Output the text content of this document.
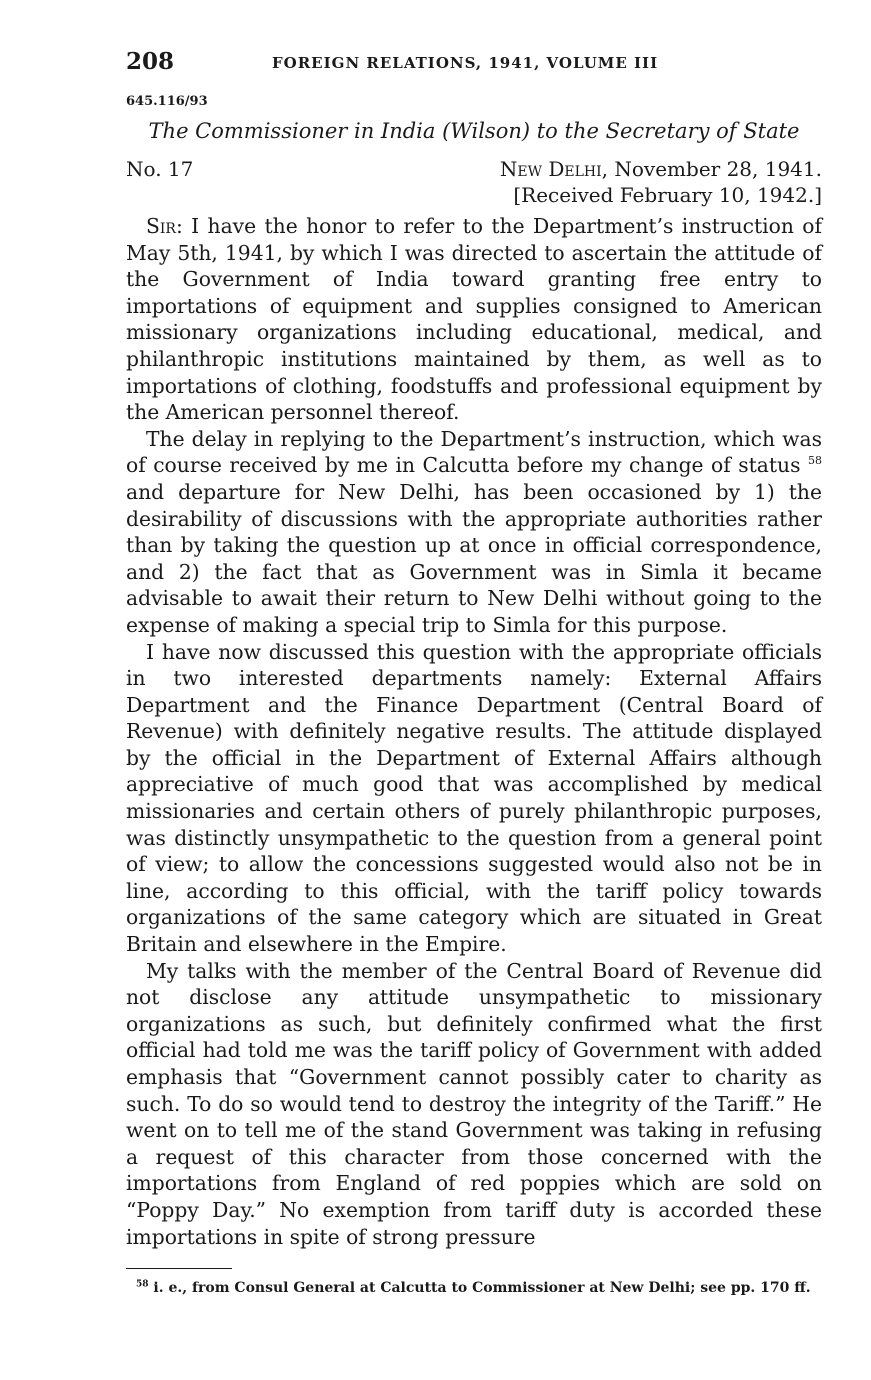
208	FOREIGN RELATIONS, 1941, VOLUME III
645.116/93
The Commissioner in India (Wilson) to the Secretary of State
No. 17	New Delhi, November 28, 1941.
[Received February 10, 1942.]

Sir: I have the honor to refer to the Department’s instruction of May 5th, 1941, by which I was directed to ascertain the attitude of the Government of India toward granting free entry to importations of equipment and supplies consigned to American missionary organizations including educational, medical, and philanthropic institutions maintained by them, as well as to importations of clothing, foodstuffs and professional equipment by the American personnel thereof.

The delay in replying to the Department’s instruction, which was of course received by me in Calcutta before my change of status $^{58}$ and departure for New Delhi, has been occasioned by 1) the desirability of discussions with the appropriate authorities rather than by taking the question up at once in official correspondence, and 2) the fact that as Government was in Simla it became advisable to await their return to New Delhi without going to the expense of making a special trip to Simla for this purpose.

I have now discussed this question with the appropriate officials in two interested departments namely: External Affairs Department and the Finance Department (Central Board of Revenue) with definitely negative results. The attitude displayed by the official in the Department of External Affairs although appreciative of much good that was accomplished by medical missionaries and certain others of purely philanthropic purposes, was distinctly unsympathetic to the question from a general point of view; to allow the concessions suggested would also not be in line, according to this official, with the tariff policy towards organizations of the same category which are situated in Great Britain and elsewhere in the Empire.

My talks with the member of the Central Board of Revenue did not disclose any attitude unsympathetic to missionary organizations as such, but definitely confirmed what the first official had told me was the tariff policy of Government with added emphasis that “Government cannot possibly cater to charity as such. To do so would tend to destroy the integrity of the Tariff.” He went on to tell me of the stand Government was taking in refusing a request of this character from those concerned with the importations from England of red poppies which are sold on “Poppy Day.” No exemption from tariff duty is accorded these importations in spite of strong pressure

$^{58}$ i. e., from Consul General at Calcutta to Commissioner at New Delhi; see pp. 170 ff.
